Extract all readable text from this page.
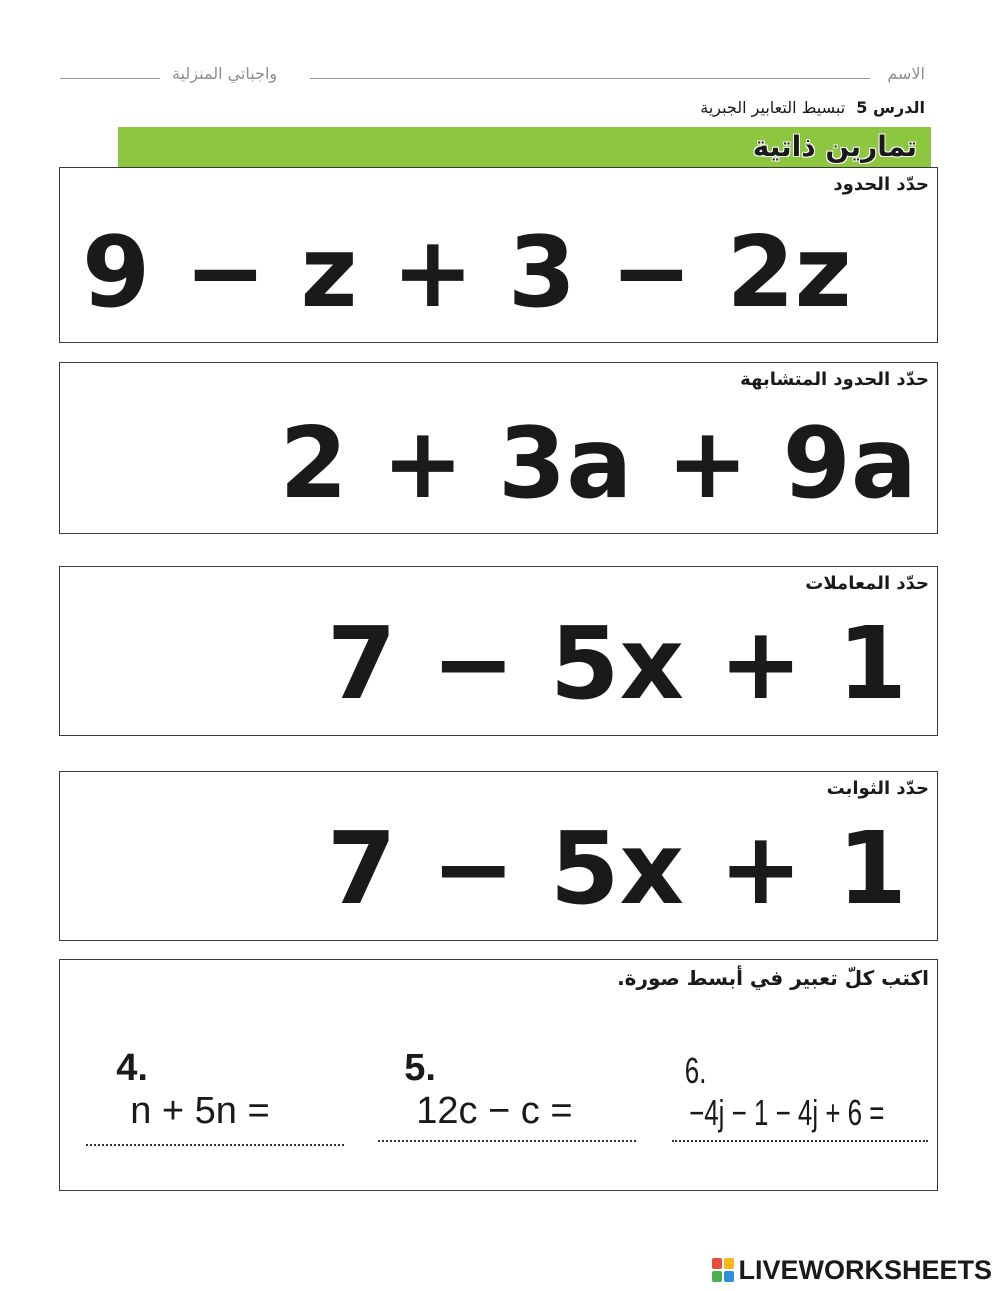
الاسم
واجباتي المنزلية
الدرس 5 تبسيط التعابير الجبرية
تمارين ذاتية
حدّد الحدود
9 − z + 3 − 2z
حدّد الحدود المتشابهة
2 + 3a + 9a
حدّد المعاملات
7 − 5x + 1
حدّد الثوابت
7 − 5x + 1
اكتب كلّ تعبير في أبسط صورة.

4.
n + 5n =

5.
12c − c =

6.
−4j − 1 − 4j + 6 =

LIVEWORKSHEETS
